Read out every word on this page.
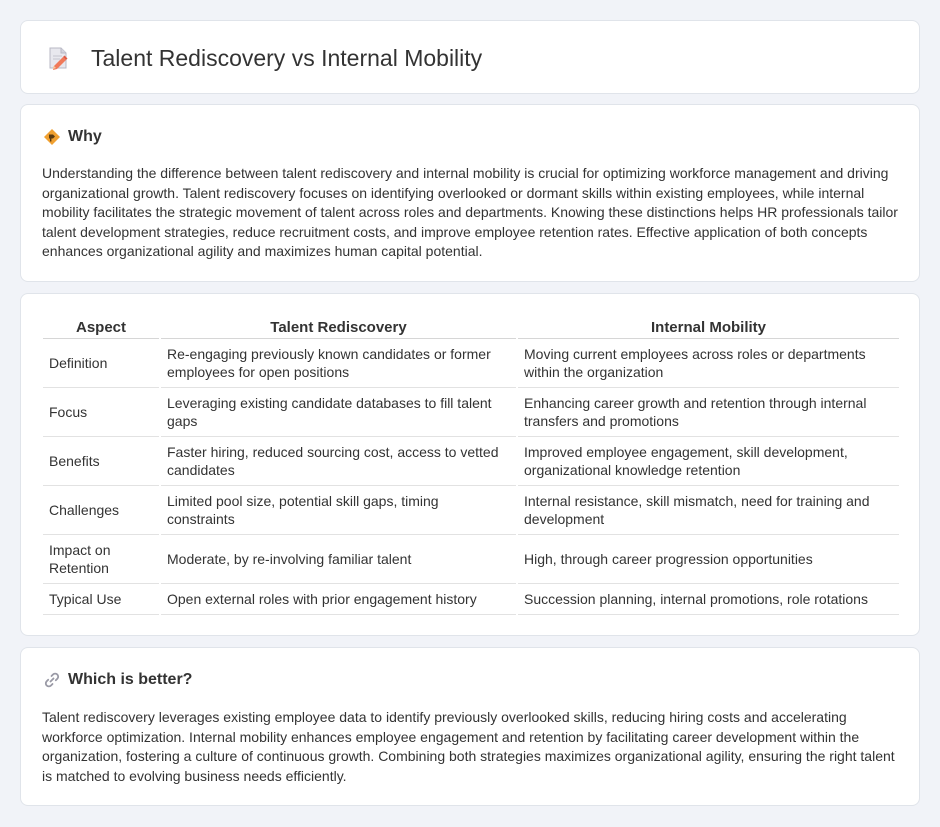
Talent Rediscovery vs Internal Mobility
Why

Understanding the difference between talent rediscovery and internal mobility is crucial for optimizing workforce management and driving organizational growth. Talent rediscovery focuses on identifying overlooked or dormant skills within existing employees, while internal mobility facilitates the strategic movement of talent across roles and departments. Knowing these distinctions helps HR professionals tailor talent development strategies, reduce recruitment costs, and improve employee retention rates. Effective application of both concepts enhances organizational agility and maximizes human capital potential.

Aspect	Talent Rediscovery	Internal Mobility
Definition	Re-engaging previously known candidates or former employees for open positions	Moving current employees across roles or departments within the organization
Focus	Leveraging existing candidate databases to fill talent gaps	Enhancing career growth and retention through internal transfers and promotions
Benefits	Faster hiring, reduced sourcing cost, access to vetted candidates	Improved employee engagement, skill development, organizational knowledge retention
Challenges	Limited pool size, potential skill gaps, timing constraints	Internal resistance, skill mismatch, need for training and development
Impact on Retention	Moderate, by re-involving familiar talent	High, through career progression opportunities
Typical Use	Open external roles with prior engagement history	Succession planning, internal promotions, role rotations
Which is better?

Talent rediscovery leverages existing employee data to identify previously overlooked skills, reducing hiring costs and accelerating workforce optimization. Internal mobility enhances employee engagement and retention by facilitating career development within the organization, fostering a culture of continuous growth. Combining both strategies maximizes organizational agility, ensuring the right talent is matched to evolving business needs efficiently.
